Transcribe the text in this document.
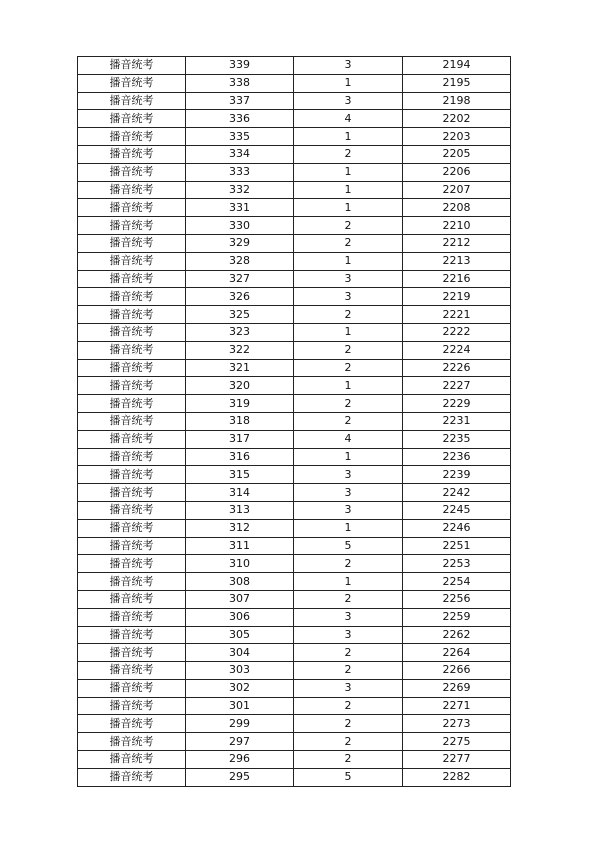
播音统考	339	3	2194
播音统考	338	1	2195
播音统考	337	3	2198
播音统考	336	4	2202
播音统考	335	1	2203
播音统考	334	2	2205
播音统考	333	1	2206
播音统考	332	1	2207
播音统考	331	1	2208
播音统考	330	2	2210
播音统考	329	2	2212
播音统考	328	1	2213
播音统考	327	3	2216
播音统考	326	3	2219
播音统考	325	2	2221
播音统考	323	1	2222
播音统考	322	2	2224
播音统考	321	2	2226
播音统考	320	1	2227
播音统考	319	2	2229
播音统考	318	2	2231
播音统考	317	4	2235
播音统考	316	1	2236
播音统考	315	3	2239
播音统考	314	3	2242
播音统考	313	3	2245
播音统考	312	1	2246
播音统考	311	5	2251
播音统考	310	2	2253
播音统考	308	1	2254
播音统考	307	2	2256
播音统考	306	3	2259
播音统考	305	3	2262
播音统考	304	2	2264
播音统考	303	2	2266
播音统考	302	3	2269
播音统考	301	2	2271
播音统考	299	2	2273
播音统考	297	2	2275
播音统考	296	2	2277
播音统考	295	5	2282
